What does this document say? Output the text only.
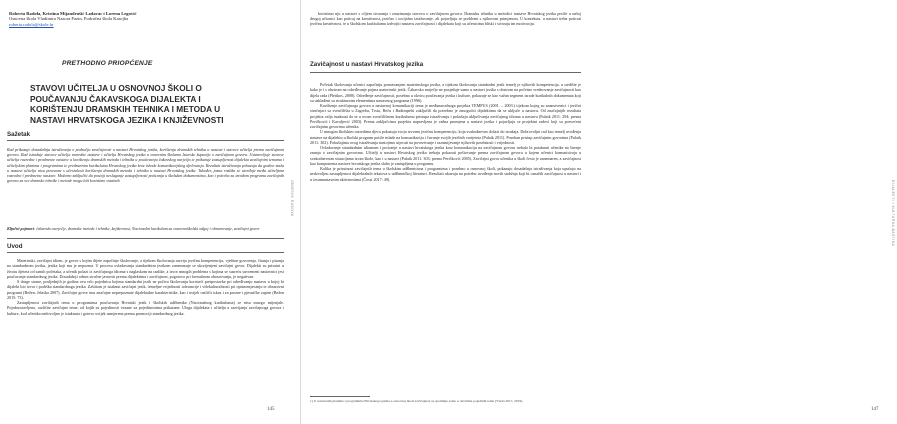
Roberta Radoła, Kristina Mijandrušić Ladavac i Lorena Legović
Osnovna škola Vladimira Nazora Pazin, Područna škola Karojba
roberta.radola@skole.hr
PRETHODNO PRIOPĆENJE
STAVOVI UČITELJA U OSNOVNOJ ŠKOLI O POUČAVANJU ČAKAVSKOGA DIJALEKTA I KORIŠTENJU DRAMSKIH TEHNIKA I METODA U NASTAVI HRVATSKOGA JEZIKA I KNJIŽEVNOSTI
Sažetak
Rad prikazuje dosadašnja istraživanja o području zavičajnosti u nastavi Hrvatskog jezika, korištenju dramskih tehnika u nastavi i stavove učitelja prema zavičajnom govoru. Rad istražuje stavove učitelja razredne nastave i učitelja Hrvatskog jezika u osnovnim školama Istarske županije o zavičajnom govoru. Ustanovljuje stavove učitelja razredne i predmetne nastave u korištenju dramskih metoda i tehnika u poučavanju čakavskog narječja te prikazuje zastupljenost dijalekta zavičajnim temama i učiteljskim planima i programima te predmetnim kurikulumu Hrvatskog jezika kroz ishode komunikacijskog djelovanja. Rezultati istraživanja pokazuju da godine staža u nastavi učitelja nisu povezane s učestalosti korištenja dramskih metoda i tehnika u nastavi Hrvatskog jezika. Također, jasna razlika se utvrđuje među učiteljima razredne i predmetne nastave. Možemo zaključiti da postoji neslaganje zastupljenosti poticanja u školskim dokumentima, kao i potreba za izradom programa zavičajnih govora za sve dramske tehnike i metode mogu biti koristimo ostatnih.
Ključni pojmovi: čakavsko narječje, dramske metode i tehnike, književnost, Nacionalni kurikulum za osnovnoškolski odgoj i obrazovanje, zavičajni govor
Uvod

Materinski, zavičajni idiom, je govor s kojim dijete započinje školovanje, a tijekom školovanja razvija jezičnu kompetenciju, vještine govorenja, čitanja i pisanja na standardnom jeziku, jezika koji mu je nepoznat. U procesu ovladavanja standardnim jezikom zanemaruje se ukorijenjeni zavičajni govor. Dijalekti su prisutni u životu djeteta od samih početaka, a učenik polazi iz zavičajnoga idioma s naglaskom na razlike, a izvor mnogih problema s kojima se susreću suvremeni nastavnici jest poučavanje standardnog jezika. Dosadašnji odnos stručne javnosti prema dijalektima i zavičajnost, pogotovo pri formalnom obrazovanju, je negativan.

S druge strane, posljednjih je godina ova vrlo pojednica kojima standardni jezik ne počiva školovanju koristeći pretpostavke pri određivanju nastavu u kojoj bi dijalekt bio izvor i podrška standardnoga jezika. Zaštitom je istaknut zavičajni jezik, temeljne vrijednosti tolerancije i višekulturalnosti pri opismenjavanju te obrazovni programi (Bežen, Jelaska 2007). Zavičajni govor ima značajne neprepoznate dijalektalne karakteristike, kao i uvijek različit iskaz i za prozne i pjesničke zapise (Bežen 2015: 73).

Zastupljenost zavičajnih tema u programima poučavanja Hrvatski jezik i školskih udžbenika (Nacionalnog kurikuluma) se nisu mnogo mijenjale. Pojednostavljeno, različite zavičajne teme, od kojih su pojedinosti vezane za pojedinostima prikazane. Uloga dijalekata i učitelja u razvijanju zavičajnoga govora i kulture, kod učenika nedovoljno je istaknuta i gotovo uvijek usmjerena prema promociji standardnog jezika.

ZBORNIK RADOVA
145

koristimo nju u nastavi s ciljem stvaranja i zauzimanja stavova o zavičajnom govoru. Dramsku tehniku u metodici nastave Hrvatskog jezika potiče u našoj drugoj učionici kao poticaj na kreativnost, jezično i socijalno izražavanje, ali pojavljuju se problemi s njihovom primjenom. U kontekstu, u nastavi treba poticati jezičnu kreativnost, te u školskom kurikulumu izdvojiti nastavu zavičajnosti i dijalekata koji su učenicima bliski i stvaraju im motivaciju.

Zavičajnost u nastavi Hrvatskog jezika

Početak školovanja učenici započinju poznavanjem materinskoga jezika, a tijekom školovanja standardni jezik temelj je njihovih kompetencija, u središte je kako je i s obzirom na određivanje pojma materinski jezik. Čakavsko narječje ne posjeduje samo u nastavi jezika s obzirom na početno vrednovanje zavičajnosti kao dijela rada (Pletikos, 2008). Određenje zavičajnosti, posebno u okviru poučavanja jezika i kulture, pokazuje se kao važan segment izrade kurikulnih dokumenata koji su usklađeni sa strukturnim elementima nastavnog programa (1996).

Korištenje zavičajnoga govora u nastavnoj komunikaciji tema je međunarodnoga projekta TEMPUS (2001. – 2003.) tijekom kojeg su znanstvenici i jezični stručnjaci sa sveučilišta u Zagrebu, Trstu, Beču i Budimpešti zaključili da potrebno je omogućiti dijalektima da se uključe u nastavu. Od značajnijih rezultata projekta valja istaknuti da se u ovom sveučilišnom kurikulumu pristupa istraživanju i pokušaju uključivanja zavičajnog idioma u nastavu (Pulaik 2011: 294; prema Peričković i Kavaljević 2003). Prema zaključcima projekta napravljena je važna promjena u nastavi jezika i pojavljuju se projektni radovi koji su posvećeni zavičajnim govorima učenika.

U mnogim školskim razredima djeca pokazuju svoju izvornu jezičnu kompetenciju, koja svakodnevno dolazi do izražaja. Dobrovoljni rad kao temelj uvođenja nastave na dijalektu u školski program potiče mlade na komunikaciju i čuvanje svojih jezičnih varijeteta (Pulaik 2011). Poseban pristup zavičajnim govorima (Pulaik 2011: 302). Pokušajima ovog istraživanja nastojimo utjecati na povezivanje i razumijevanje njihovih posebnosti i vrijednosti.

Ovladavanje standardnim idiomom i poticanje u nastavi hrvatskoga jezika kroz komunikaciju na zavičajnom govoru trebalo bi potaknuti učenike na širenje znanja o zavičajnim govorima. Učitelji u nastavi Hrvatskog jezika trebaju pokazati poštovanje prema zavičajnom govoru u kojem učenici komuniciraju u svakodnevnim situacijama izvan škole, kao i u nastavi (Pulaik 2011: 303; prema Peričković 2005). Zavičajni govor učenika u školi često je zanemaren, a zavičajnost kao komponenta nastave hrvatskoga jezika slabo je zastupljena u programu.

Kolika je prisutnost zavičajnih tema u školskim udžbenicima i programima i posebno u osnovnoj školi, pokazuju dosadašnja istraživanja koja upućuju na nedovoljnu zastupljenost dijalektalnih tekstova u udžbeničkoj literaturi. Rezultati ukazuju na potrebu uvođenja novih sadržaja koji bi osnažili zavičajnost u nastavi i u izvannastavnim aktivnostima (Čossi 2017: 49).

1) U nastavnim planima i programima Hrvatskoga jezika u osnovnoj školi zavičajnost se spominje samo u okvirima pojedinih tema (Vlada 2017, 2019).
DIJALEKTI I KULTURNA BAŠTINA
147
